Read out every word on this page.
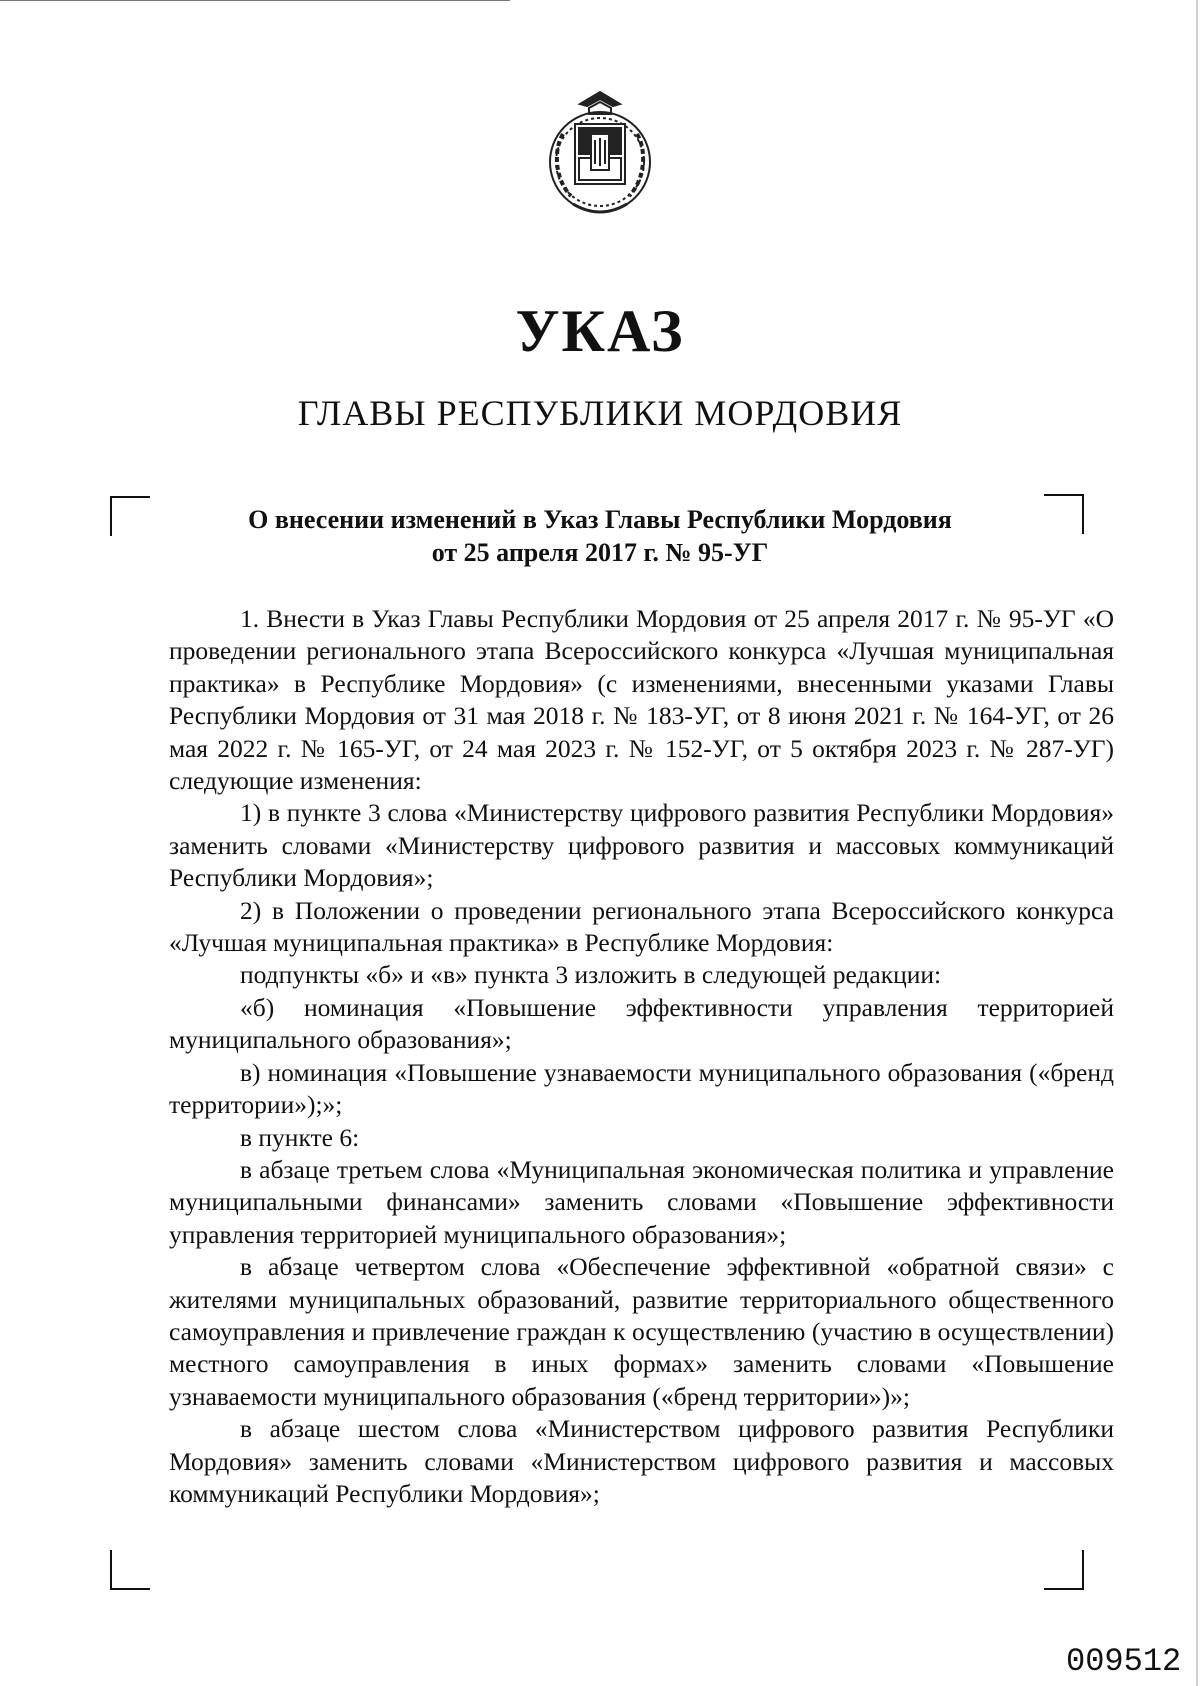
УКАЗ
ГЛАВЫ РЕСПУБЛИКИ МОРДОВИЯ
О внесении изменений в Указ Главы Республики Мордовия
от 25 апреля 2017 г. № 95-УГ

1. Внести в Указ Главы Республики Мордовия от 25 апреля 2017 г. № 95-УГ «О проведении регионального этапа Всероссийского конкурса «Лучшая муниципальная практика» в Республике Мордовия» (с изменениями, внесенными указами Главы Республики Мордовия от 31 мая 2018 г. № 183-УГ, от 8 июня 2021 г. № 164-УГ, от 26 мая 2022 г. № 165-УГ, от 24 мая 2023 г. № 152-УГ, от 5 октября 2023 г. № 287-УГ) следующие изменения:

1) в пункте 3 слова «Министерству цифрового развития Республики Мордовия» заменить словами «Министерству цифрового развития и массовых коммуникаций Республики Мордовия»;

2) в Положении о проведении регионального этапа Всероссийского конкурса «Лучшая муниципальная практика» в Республике Мордовия:

подпункты «б» и «в» пункта 3 изложить в следующей редакции:

«б) номинация «Повышение эффективности управления территорией муниципального образования»;

в) номинация «Повышение узнаваемости муниципального образования («бренд территории»);»;

в пункте 6:

в абзаце третьем слова «Муниципальная экономическая политика и управление муниципальными финансами» заменить словами «Повышение эффективности управления территорией муниципального образования»;

в абзаце четвертом слова «Обеспечение эффективной «обратной связи» с жителями муниципальных образований, развитие территориального общественного самоуправления и привлечение граждан к осуществлению (участию в осуществлении) местного самоуправления в иных формах» заменить словами «Повышение узнаваемости муниципального образования («бренд территории»)»;

в абзаце шестом слова «Министерством цифрового развития Республики Мордовия» заменить словами «Министерством цифрового развития и массовых коммуникаций Республики Мордовия»;

009512
